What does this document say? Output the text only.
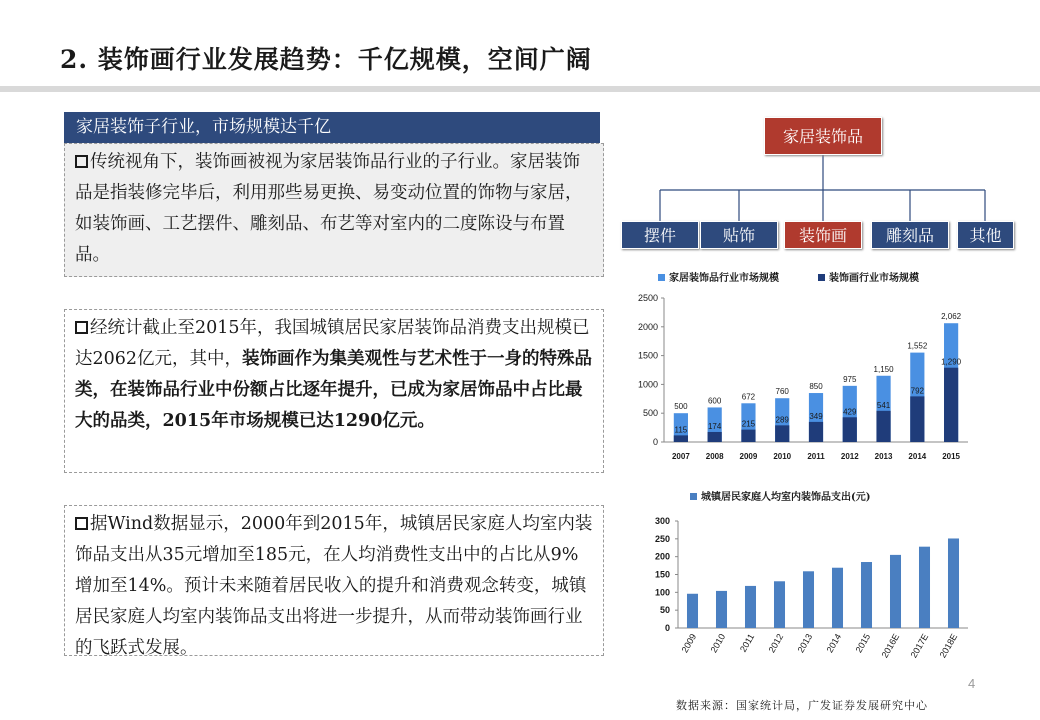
2. 装饰画行业发展趋势：千亿规模，空间广阔
家居装饰子行业，市场规模达千亿
传统视角下，装饰画被视为家居装饰品行业的子行业。家居装饰品是指装修完毕后，利用那些易更换、易变动位置的饰物与家居，如装饰画、工艺摆件、雕刻品、布艺等对室内的二度陈设与布置品。
经统计截止至2015年，我国城镇居民家居装饰品消费支出规模已达2062亿元，其中，装饰画作为集美观性与艺术性于一身的特殊品类，在装饰品行业中份额占比逐年提升，已成为家居饰品中占比最大的品类，2015年市场规模已达1290亿元。
据Wind数据显示，2000年到2015年，城镇居民家庭人均室内装饰品支出从35元增加至185元，在人均消费性支出中的占比从9%增加至14%。预计未来随着居民收入的提升和消费观念转变，城镇居民家庭人均室内装饰品支出将进一步提升，从而带动装饰画行业的飞跃式发展。
家居装饰品
摆件	贴饰	装饰画	雕刻品	其他
家居装饰品行业市场规模	装饰画行业市场规模
0
500
1000
1500
2000
2500
500
115
2007
600
174
2008
672
215
2009
760
289
2010
850
349
2011
975
429
2012
1,150
541
2013
1,552
792
2014
2,062
1,290
2015
城镇居民家庭人均室内装饰品支出(元)
0
50
100
150
200
250
300
2009 2010 2011 2012 2013 2014 2015 2016E 2017E 2018E
数据来源：国家统计局，广发证券发展研究中心
4
